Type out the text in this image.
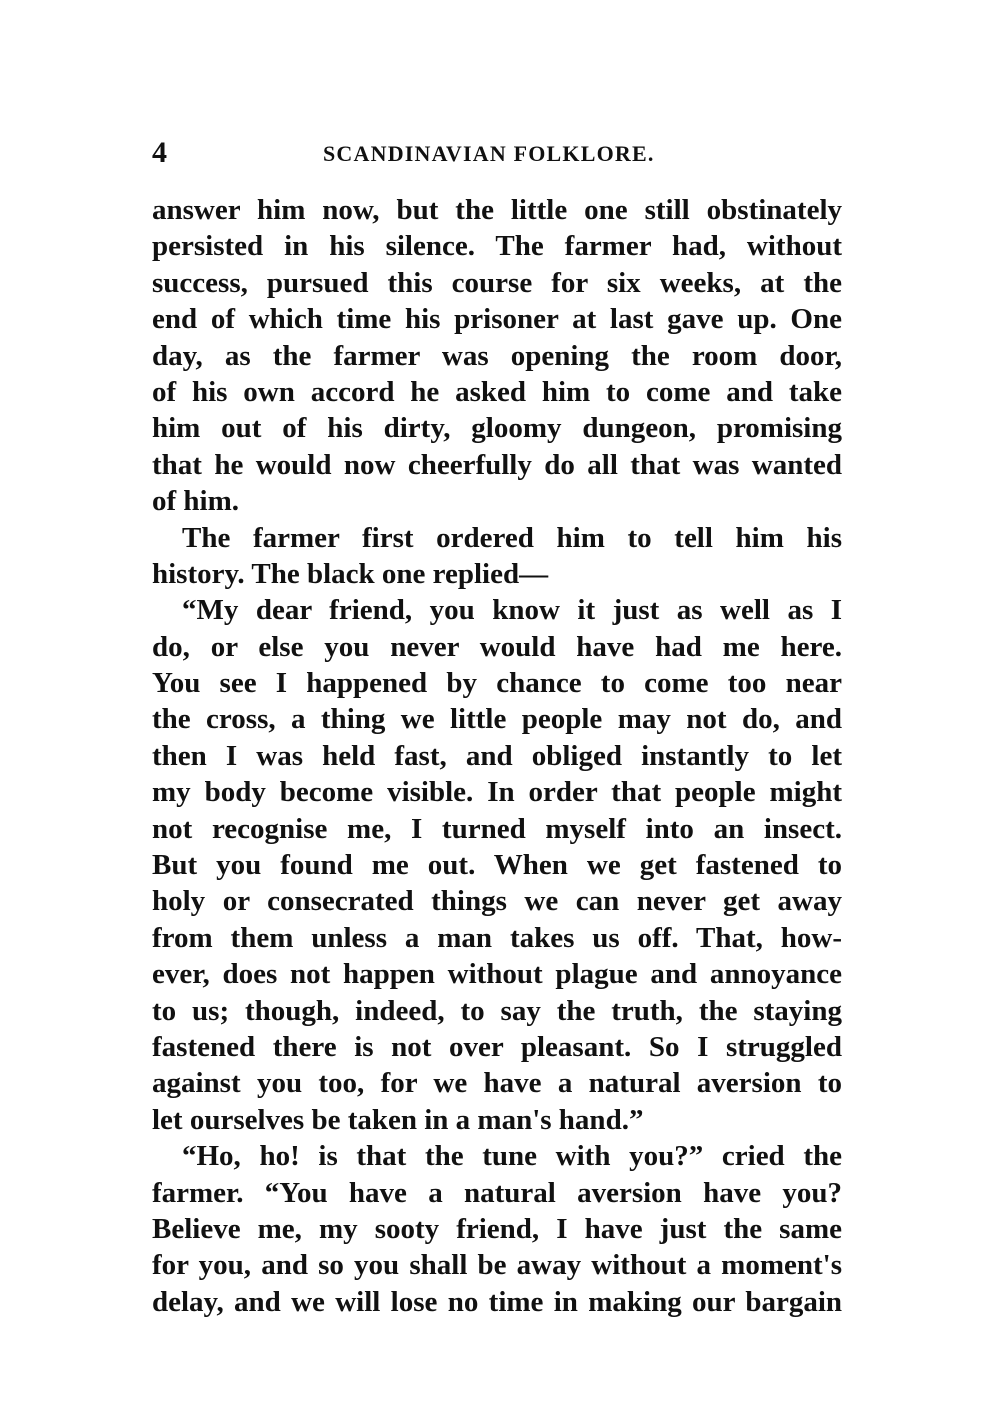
4	SCANDINAVIAN FOLKLORE.
answer him now, but the little one still obstinately
persisted in his silence. The farmer had, without
success, pursued this course for six weeks, at the
end of which time his prisoner at last gave up. One
day, as the farmer was opening the room door,
of his own accord he asked him to come and take
him out of his dirty, gloomy dungeon, promising
that he would now cheerfully do all that was wanted
of him.
The farmer first ordered him to tell him his
history. The black one replied—
“My dear friend, you know it just as well as I
do, or else you never would have had me here.
You see I happened by chance to come too near
the cross, a thing we little people may not do, and
then I was held fast, and obliged instantly to let
my body become visible. In order that people might
not recognise me, I turned myself into an insect.
But you found me out. When we get fastened to
holy or consecrated things we can never get away
from them unless a man takes us off. That, how-
ever, does not happen without plague and annoyance
to us; though, indeed, to say the truth, the staying
fastened there is not over pleasant. So I struggled
against you too, for we have a natural aversion to
let ourselves be taken in a man's hand.”
“Ho, ho! is that the tune with you?” cried the
farmer. “You have a natural aversion have you?
Believe me, my sooty friend, I have just the same
for you, and so you shall be away without a moment's
delay, and we will lose no time in making our bargain
